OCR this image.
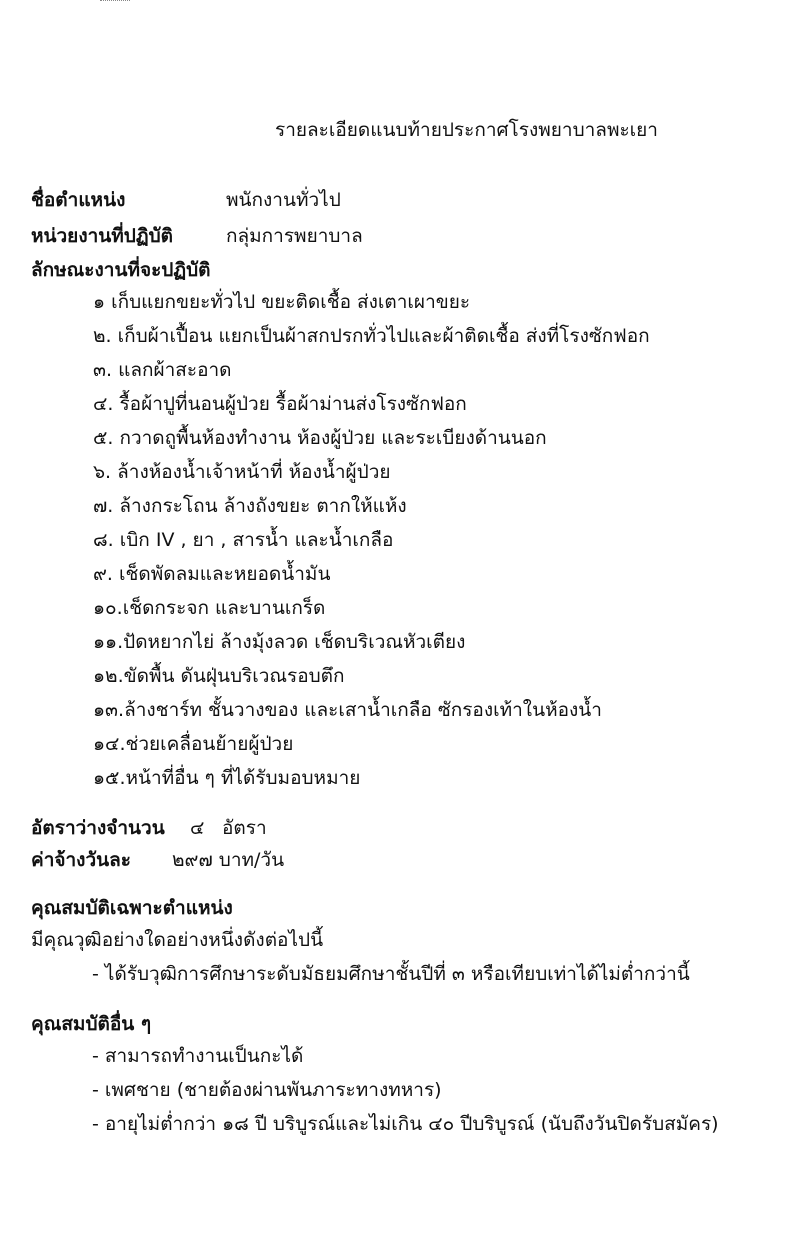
รายละเอียดแนบท้ายประกาศโรงพยาบาลพะเยา
ชื่อตำแหน่ง	พนักงานทั่วไป
หน่วยงานที่ปฏิบัติ	กลุ่มการพยาบาล
ลักษณะงานที่จะปฏิบัติ
๑ เก็บแยกขยะทั่วไป ขยะติดเชื้อ ส่งเตาเผาขยะ
๒. เก็บผ้าเปื้อน แยกเป็นผ้าสกปรกทั่วไปและผ้าติดเชื้อ ส่งที่โรงซักฟอก
๓. แลกผ้าสะอาด
๔. รื้อผ้าปูที่นอนผู้ป่วย รื้อผ้าม่านส่งโรงซักฟอก
๕. กวาดถูพื้นห้องทำงาน ห้องผู้ป่วย และระเบียงด้านนอก
๖. ล้างห้องน้ำเจ้าหน้าที่ ห้องน้ำผู้ป่วย
๗. ล้างกระโถน ล้างถังขยะ ตากให้แห้ง
๘. เบิก IV , ยา , สารน้ำ และน้ำเกลือ
๙. เช็ดพัดลมและหยอดน้ำมัน
๑๐.เช็ดกระจก และบานเกร็ด
๑๑.ปัดหยากไย่ ล้างมุ้งลวด เช็ดบริเวณหัวเตียง
๑๒.ขัดพื้น ดันฝุ่นบริเวณรอบตึก
๑๓.ล้างชาร์ท ชั้นวางของ และเสาน้ำเกลือ ซักรองเท้าในห้องน้ำ
๑๔.ช่วยเคลื่อนย้ายผู้ป่วย
๑๕.หน้าที่อื่น ๆ ที่ได้รับมอบหมาย
อัตราว่างจำนวน ๔ อัตรา
ค่าจ้างวันละ ๒๙๗ บาท/วัน
คุณสมบัติเฉพาะตำแหน่ง
มีคุณวุฒิอย่างใดอย่างหนึ่งดังต่อไปนี้
- ได้รับวุฒิการศึกษาระดับมัธยมศึกษาชั้นปีที่ ๓ หรือเทียบเท่าได้ไม่ต่ำกว่านี้
คุณสมบัติอื่น ๆ
- สามารถทำงานเป็นกะได้
- เพศชาย (ชายต้องผ่านพันภาระทางทหาร)
- อายุไม่ต่ำกว่า ๑๘ ปี บริบูรณ์และไม่เกิน ๔๐ ปีบริบูรณ์ (นับถึงวันปิดรับสมัคร)
